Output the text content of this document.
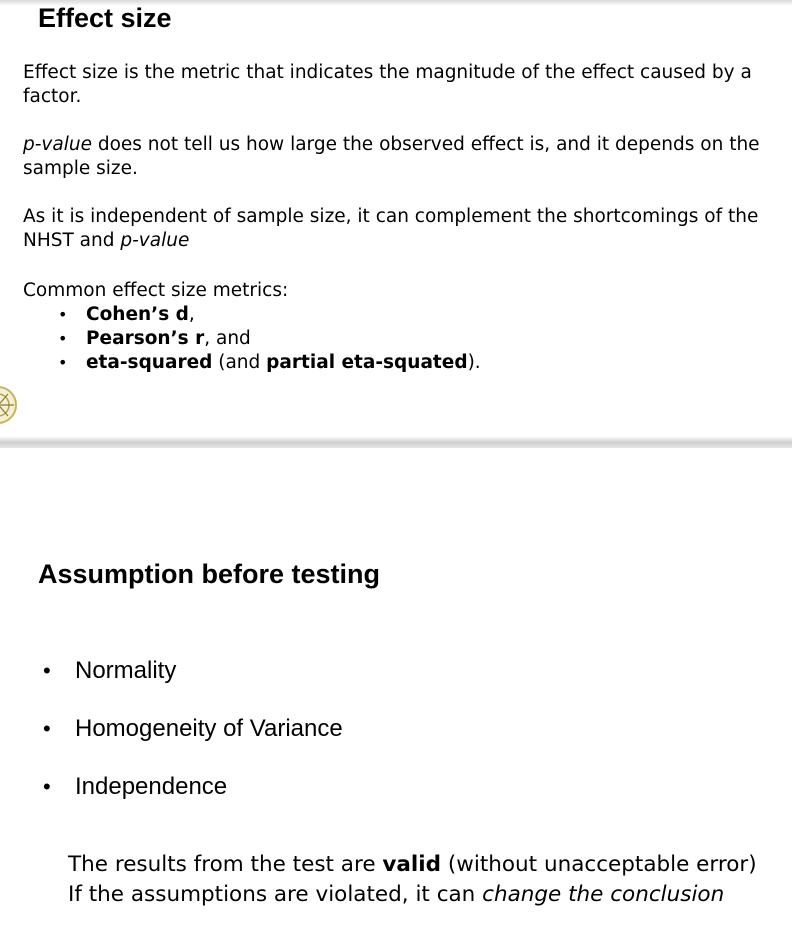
Effect size

Effect size is the metric that indicates the magnitude of the effect caused by a factor.

p-value does not tell us how large the observed effect is, and it depends on the sample size.

As it is independent of sample size, it can complement the shortcomings of the NHST and p-value

Common effect size metrics:

• Cohen’s d,
• Pearson’s r, and
• eta-squared (and partial eta-squated).
Assumption before testing
• Normality
• Homogeneity of Variance
• Independence
The results from the test are valid (without unacceptable error)
If the assumptions are violated, it can change the conclusion
